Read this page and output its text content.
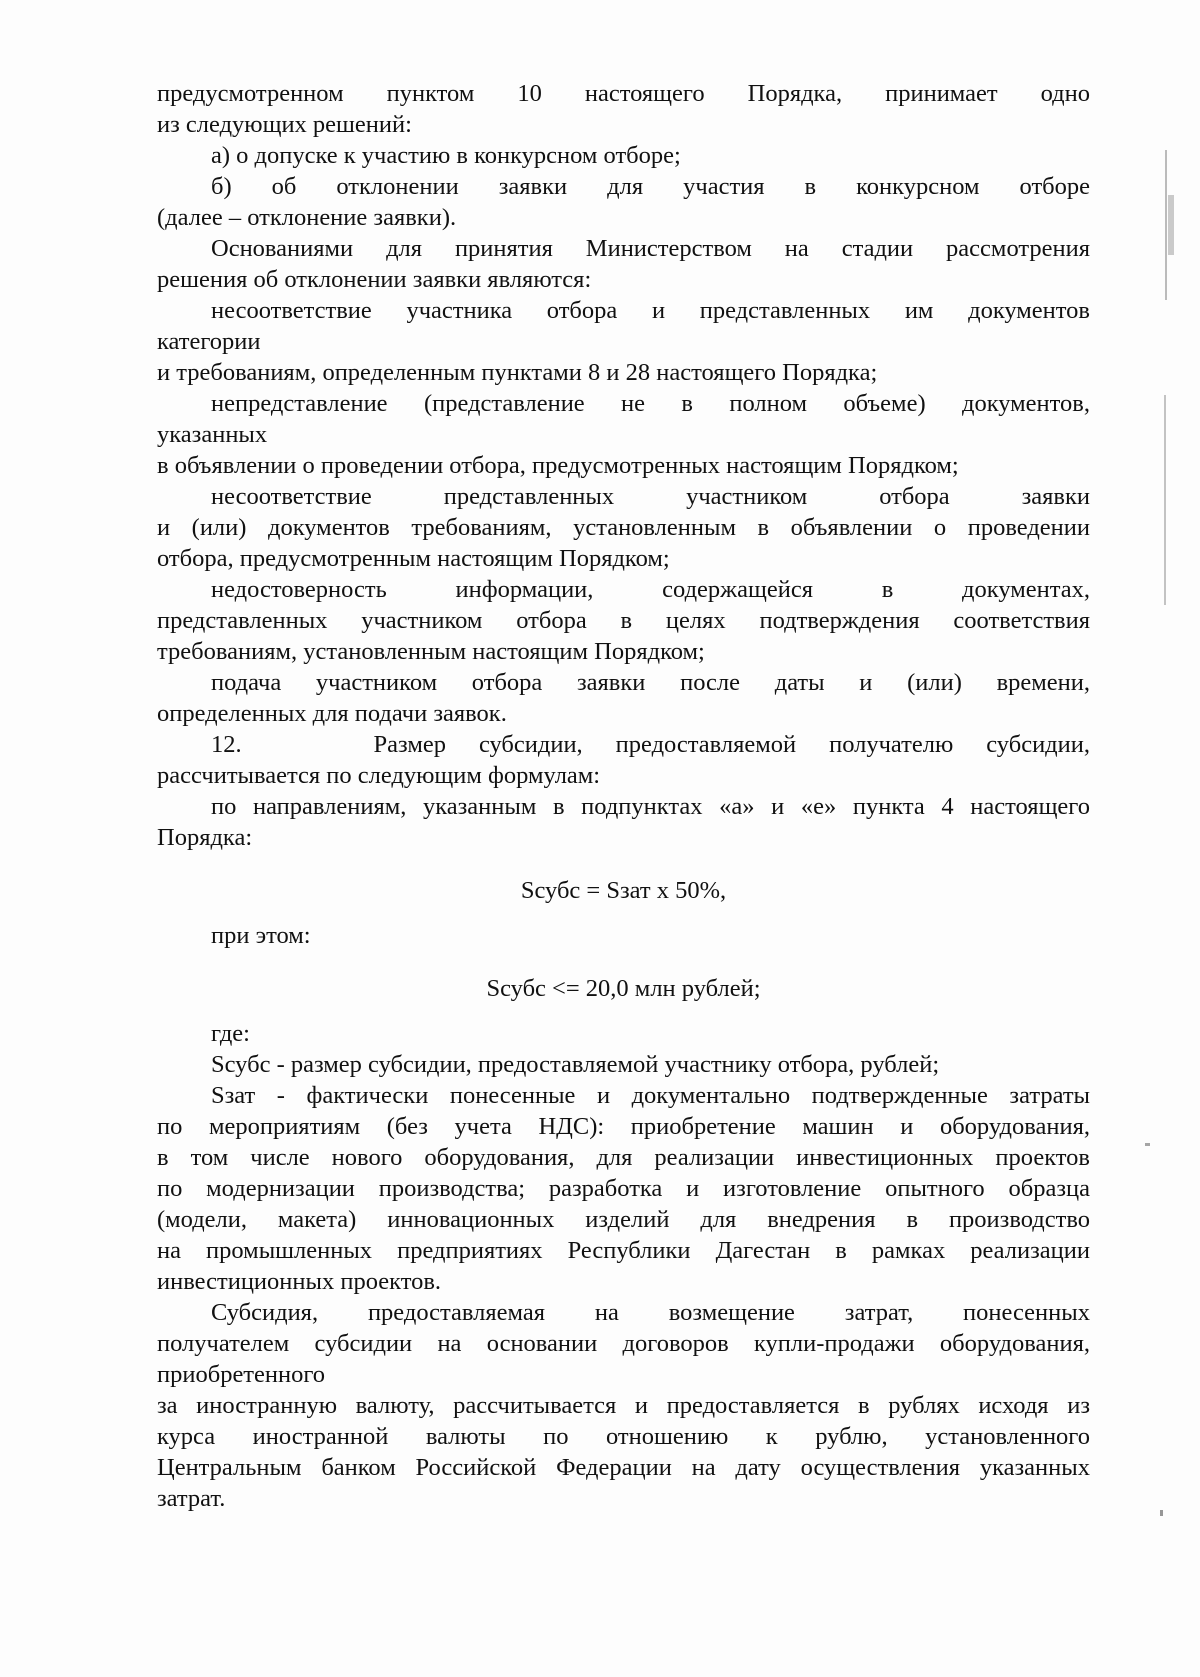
предусмотренном пунктом 10 настоящего Порядка, принимает одно

из следующих решений:

а) о допуске к участию в конкурсном отборе;

б) об отклонении заявки для участия в конкурсном отборе

(далее – отклонение заявки).

Основаниями для принятия Министерством на стадии рассмотрения

решения об отклонении заявки являются:

несоответствие участника отбора и представленных им документов

категории

и требованиям, определенным пунктами 8 и 28 настоящего Порядка;

непредставление (представление не в полном объеме) документов,

указанных

в объявлении о проведении отбора, предусмотренных настоящим Порядком;

несоответствие представленных участником отбора заявки

и (или) документов требованиям, установленным в объявлении о проведении

отбора, предусмотренным настоящим Порядком;

недостоверность информации, содержащейся в документах,

представленных участником отбора в целях подтверждения соответствия

требованиям, установленным настоящим Порядком;

подача участником отбора заявки после даты и (или) времени,

определенных для подачи заявок.

12.    Размер субсидии, предоставляемой получателю субсидии,

рассчитывается по следующим формулам:

по направлениям, указанным в подпунктах «а» и «е» пункта 4 настоящего

Порядка:

Sсубс = Sзат х 50%,

при этом:

Sсубс <= 20,0 млн рублей;

где:

Sсубс - размер субсидии, предоставляемой участнику отбора, рублей;

Sзат - фактически понесенные и документально подтвержденные затраты

по мероприятиям (без учета НДС): приобретение машин и оборудования,

в том числе нового оборудования, для реализации инвестиционных проектов

по модернизации производства; разработка и изготовление опытного образца

(модели, макета) инновационных изделий для внедрения в производство

на промышленных предприятиях Республики Дагестан в рамках реализации

инвестиционных проектов.

Субсидия, предоставляемая на возмещение затрат, понесенных

получателем субсидии на основании договоров купли-продажи оборудования,

приобретенного

за иностранную валюту, рассчитывается и предоставляется в рублях исходя из

курса иностранной валюты по отношению к рублю, установленного

Центральным банком Российской Федерации на дату осуществления указанных

затрат.
